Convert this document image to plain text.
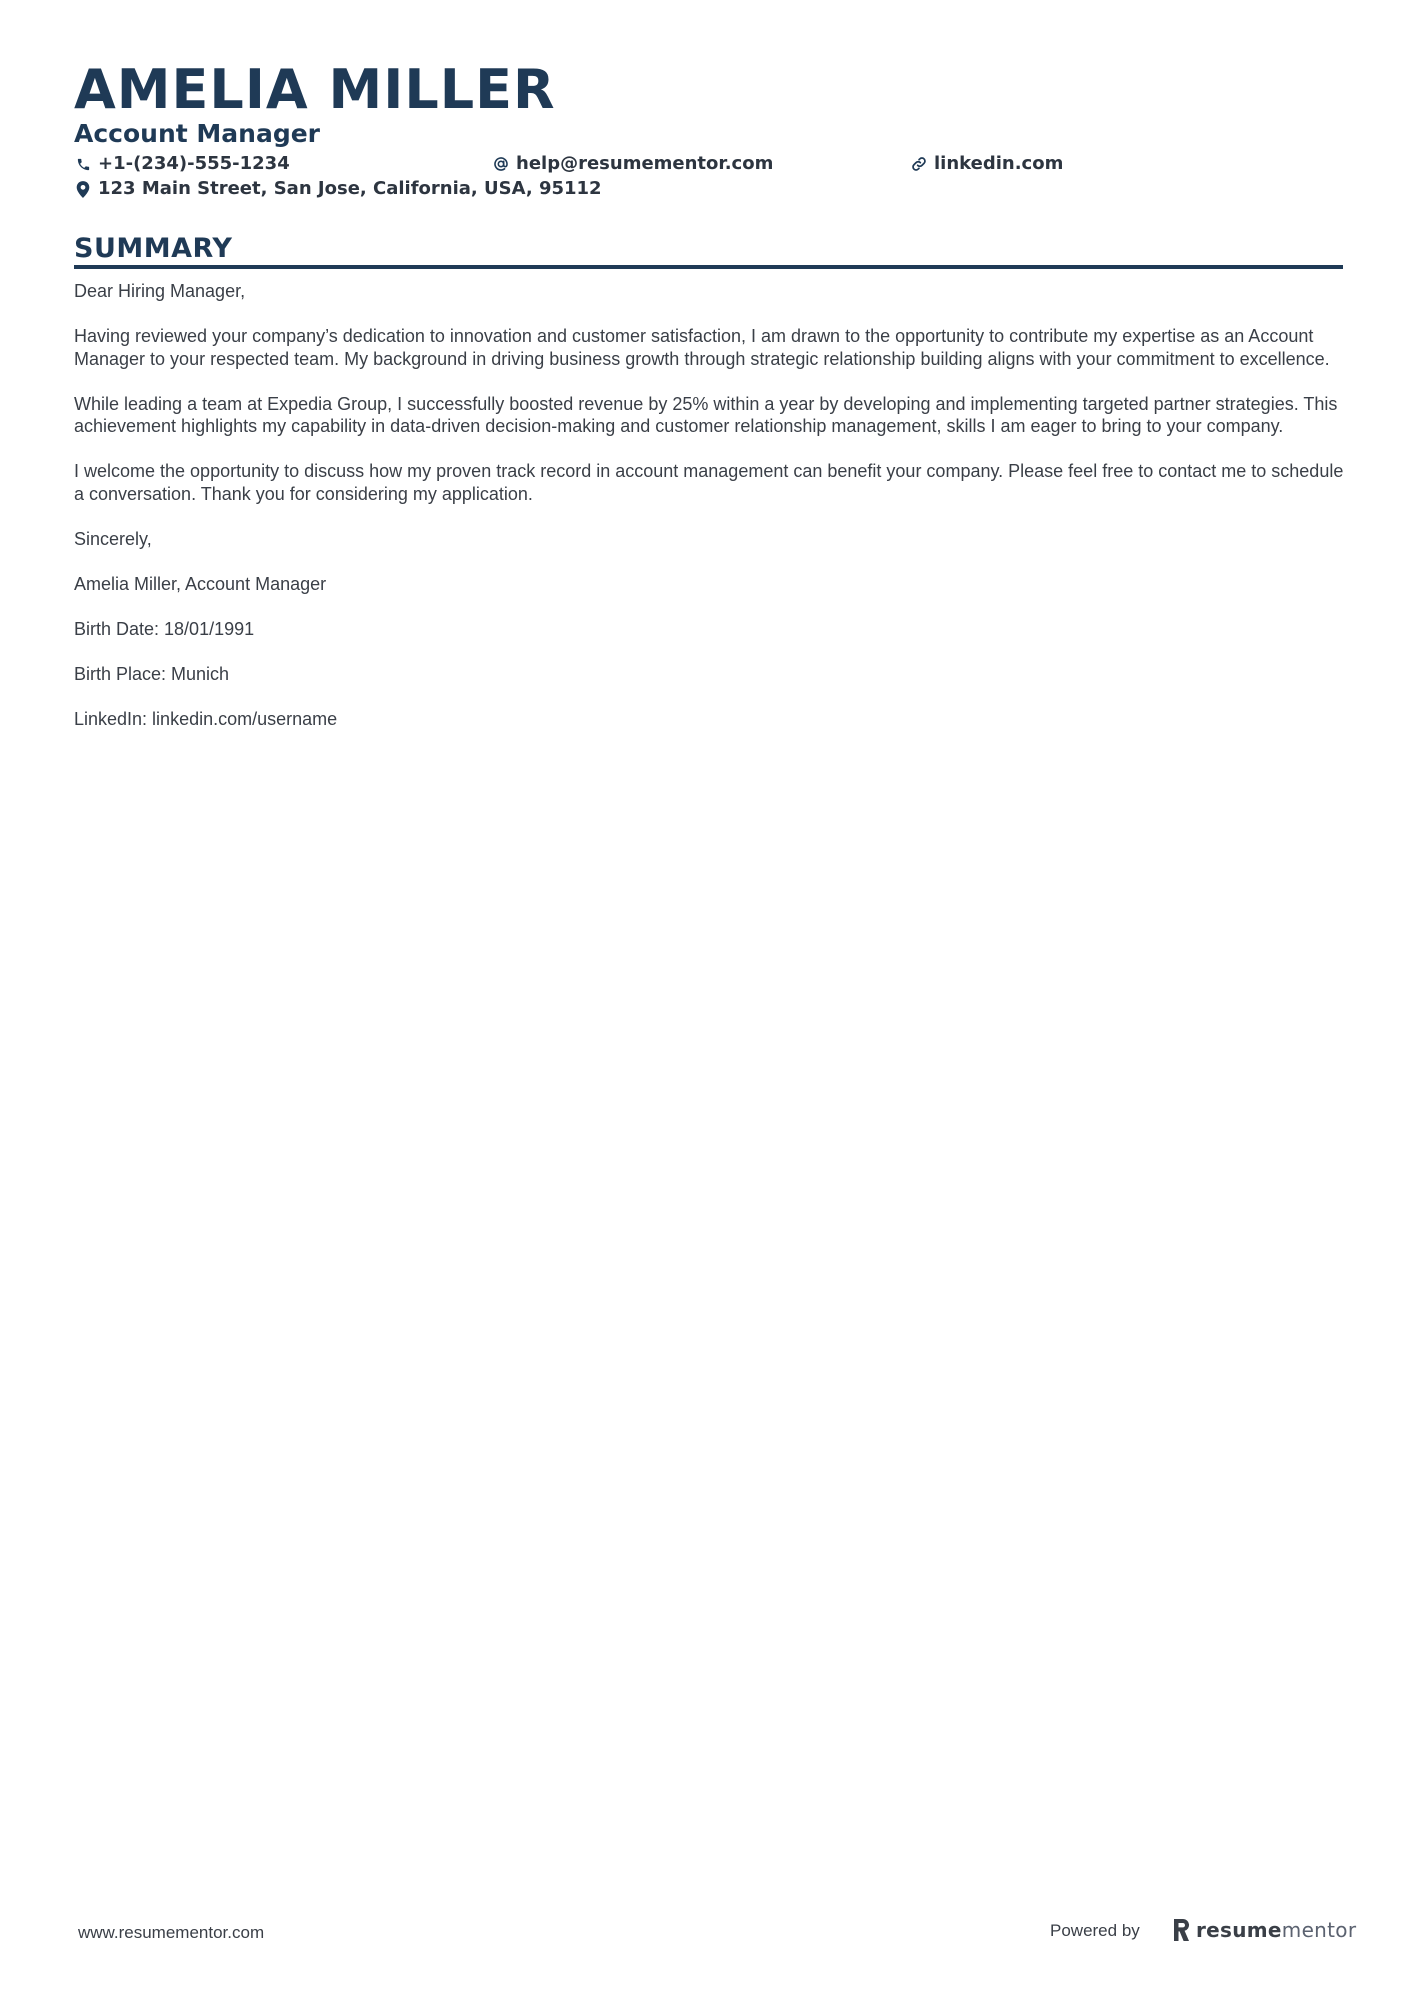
AMELIA MILLER
Account Manager
+1-(234)-555-1234	help@resumementor.com	linkedin.com
123 Main Street, San Jose, California, USA, 95112
SUMMARY

Dear Hiring Manager,

Having reviewed your company’s dedication to innovation and customer satisfaction, I am drawn to the opportunity to contribute my expertise as an Account Manager to your respected team. My background in driving business growth through strategic relationship building aligns with your commitment to excellence.

While leading a team at Expedia Group, I successfully boosted revenue by 25% within a year by developing and implementing targeted partner strategies. This achievement highlights my capability in data-driven decision-making and customer relationship management, skills I am eager to bring to your company.

I welcome the opportunity to discuss how my proven track record in account management can benefit your company. Please feel free to contact me to schedule a conversation. Thank you for considering my application.

Sincerely,

Amelia Miller, Account Manager

Birth Date: 18/01/1991

Birth Place: Munich

LinkedIn: linkedin.com/username

www.resumementor.com	Powered by	resumementor
